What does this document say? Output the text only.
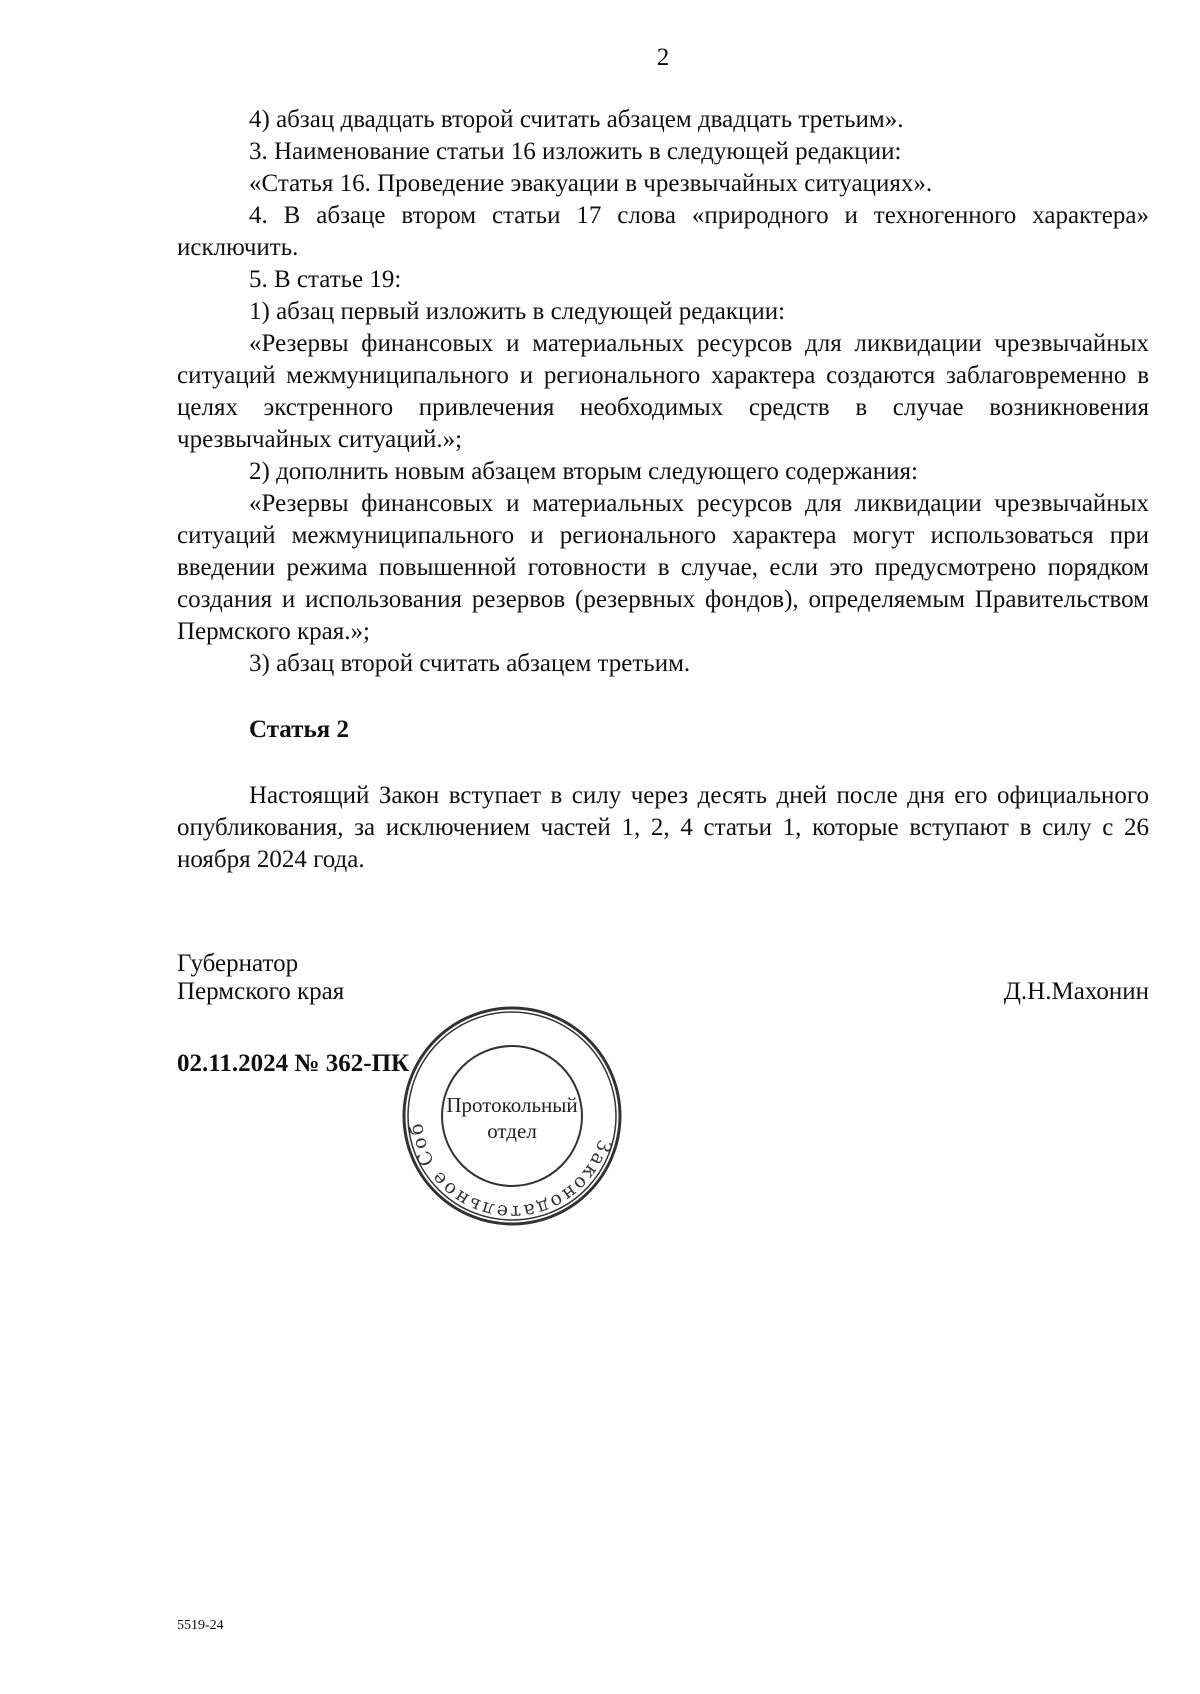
2
4) абзац двадцать второй считать абзацем двадцать третьим».
3. Наименование статьи 16 изложить в следующей редакции:
«Статья 16. Проведение эвакуации в чрезвычайных ситуациях».
4. В абзаце втором статьи 17 слова «природного и техногенного характера» исключить.
5. В статье 19:
1) абзац первый изложить в следующей редакции:
«Резервы финансовых и материальных ресурсов для ликвидации чрезвычайных ситуаций межмуниципального и регионального характера создаются заблаговременно в целях экстренного привлечения необходимых средств в случае возникновения чрезвычайных ситуаций.»;
2) дополнить новым абзацем вторым следующего содержания:
«Резервы финансовых и материальных ресурсов для ликвидации чрезвычайных ситуаций межмуниципального и регионального характера могут использоваться при введении режима повышенной готовности в случае, если это предусмотрено порядком создания и использования резервов (резервных фондов), определяемым Правительством Пермского края.»;
3) абзац второй считать абзацем третьим.
Статья 2
Настоящий Закон вступает в силу через десять дней после дня его официального опубликования, за исключением частей 1, 2, 4 статьи 1, которые вступают в силу с 26 ноября 2024 года.
Губернатор
Пермского края	Д.Н.Махонин
02.11.2024 № 362-ПК
Законодательное Соб
Протокольный
отдел
5519-24
